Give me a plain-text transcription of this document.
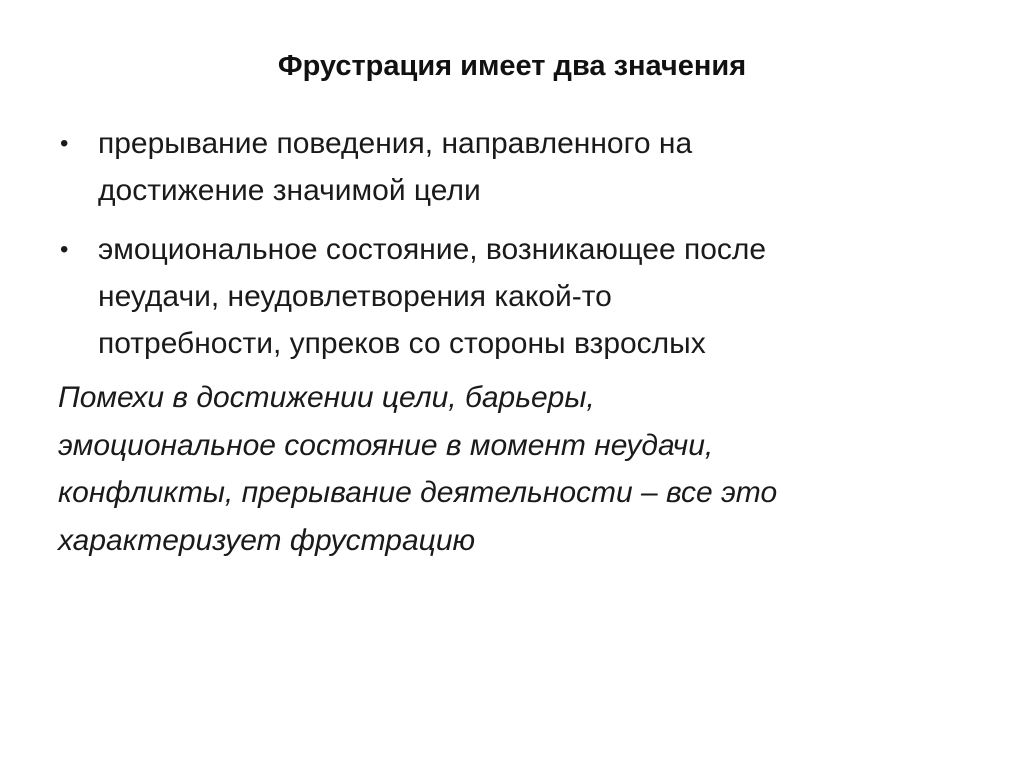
Фрустрация имеет два значения
• прерывание поведения, направленного на
достижение значимой цели
• эмоциональное состояние, возникающее после
неудачи, неудовлетворения какой-то
потребности, упреков со стороны взрослых

Помехи в достижении цели, барьеры,
эмоциональное состояние в момент неудачи,
конфликты, прерывание деятельности – все это
характеризует фрустрацию
